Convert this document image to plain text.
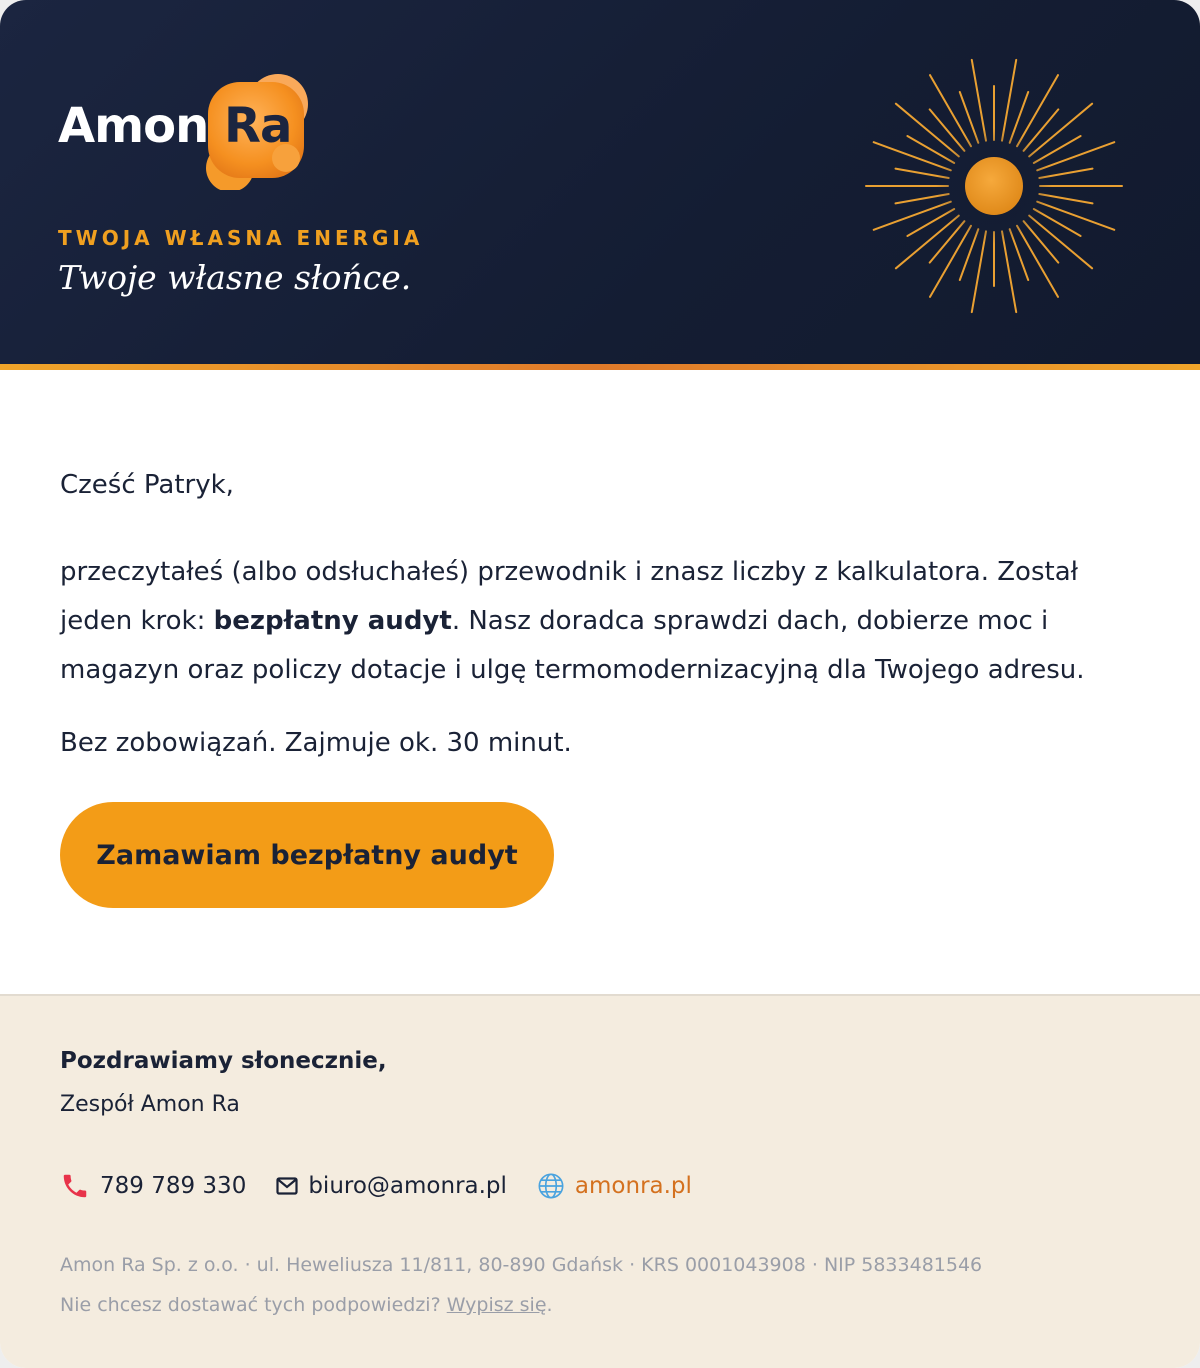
Amon Ra
TWOJA WŁASNA ENERGIA
Twoje własne słońce.
Cześć Patryk,
przeczytałeś (albo odsłuchałeś) przewodnik i znasz liczby z kalkulatora. Został jeden krok: bezpłatny audyt. Nasz doradca sprawdzi dach, dobierze moc i magazyn oraz policzy dotacje i ulgę termomodernizacyjną dla Twojego adresu.
Bez zobowiązań. Zajmuje ok. 30 minut.
Zamawiam bezpłatny audyt
Pozdrawiamy słonecznie,
Zespół Amon Ra
789 789 330	biuro@amonra.pl	amonra.pl
Amon Ra Sp. z o.o. · ul. Heweliusza 11/811, 80-890 Gdańsk · KRS 0001043908 · NIP 5833481546
Nie chcesz dostawać tych podpowiedzi? Wypisz się.
